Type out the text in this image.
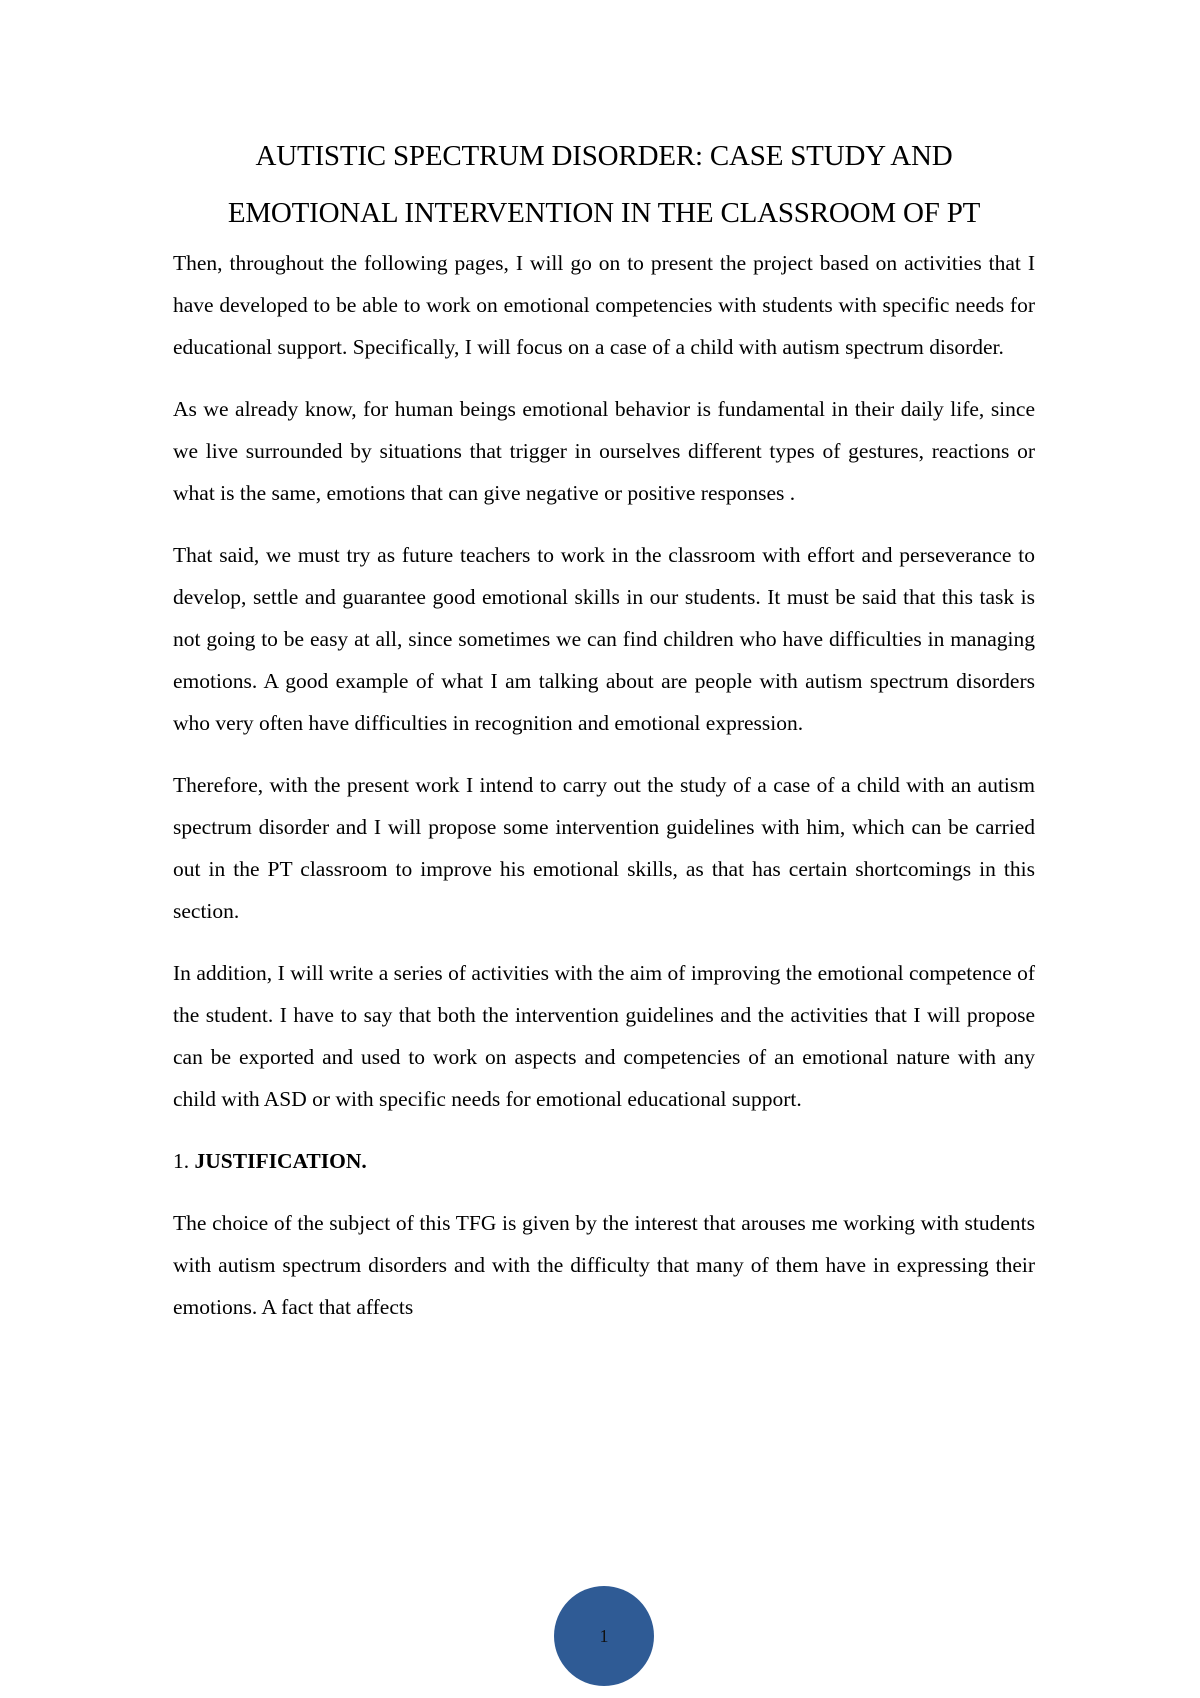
AUTISTIC SPECTRUM DISORDER: CASE STUDY AND
EMOTIONAL INTERVENTION IN THE CLASSROOM OF PT

Then, throughout the following pages, I will go on to present the project based on activities that I have developed to be able to work on emotional competencies with students with specific needs for educational support. Specifically, I will focus on a case of a child with autism spectrum disorder.

As we already know, for human beings emotional behavior is fundamental in their daily life, since we live surrounded by situations that trigger in ourselves different types of gestures, reactions or what is the same, emotions that can give negative or positive responses .

That said, we must try as future teachers to work in the classroom with effort and perseverance to develop, settle and guarantee good emotional skills in our students. It must be said that this task is not going to be easy at all, since sometimes we can find children who have difficulties in managing emotions. A good example of what I am talking about are people with autism spectrum disorders who very often have difficulties in recognition and emotional expression.

Therefore, with the present work I intend to carry out the study of a case of a child with an autism spectrum disorder and I will propose some intervention guidelines with him, which can be carried out in the PT classroom to improve his emotional skills, as that has certain shortcomings in this section.

In addition, I will write a series of activities with the aim of improving the emotional competence of the student. I have to say that both the intervention guidelines and the activities that I will propose can be exported and used to work on aspects and competencies of an emotional nature with any child with ASD or with specific needs for emotional educational support.

1. JUSTIFICATION.

The choice of the subject of this TFG is given by the interest that arouses me working with students with autism spectrum disorders and with the difficulty that many of them have in expressing their emotions. A fact that affects

1
